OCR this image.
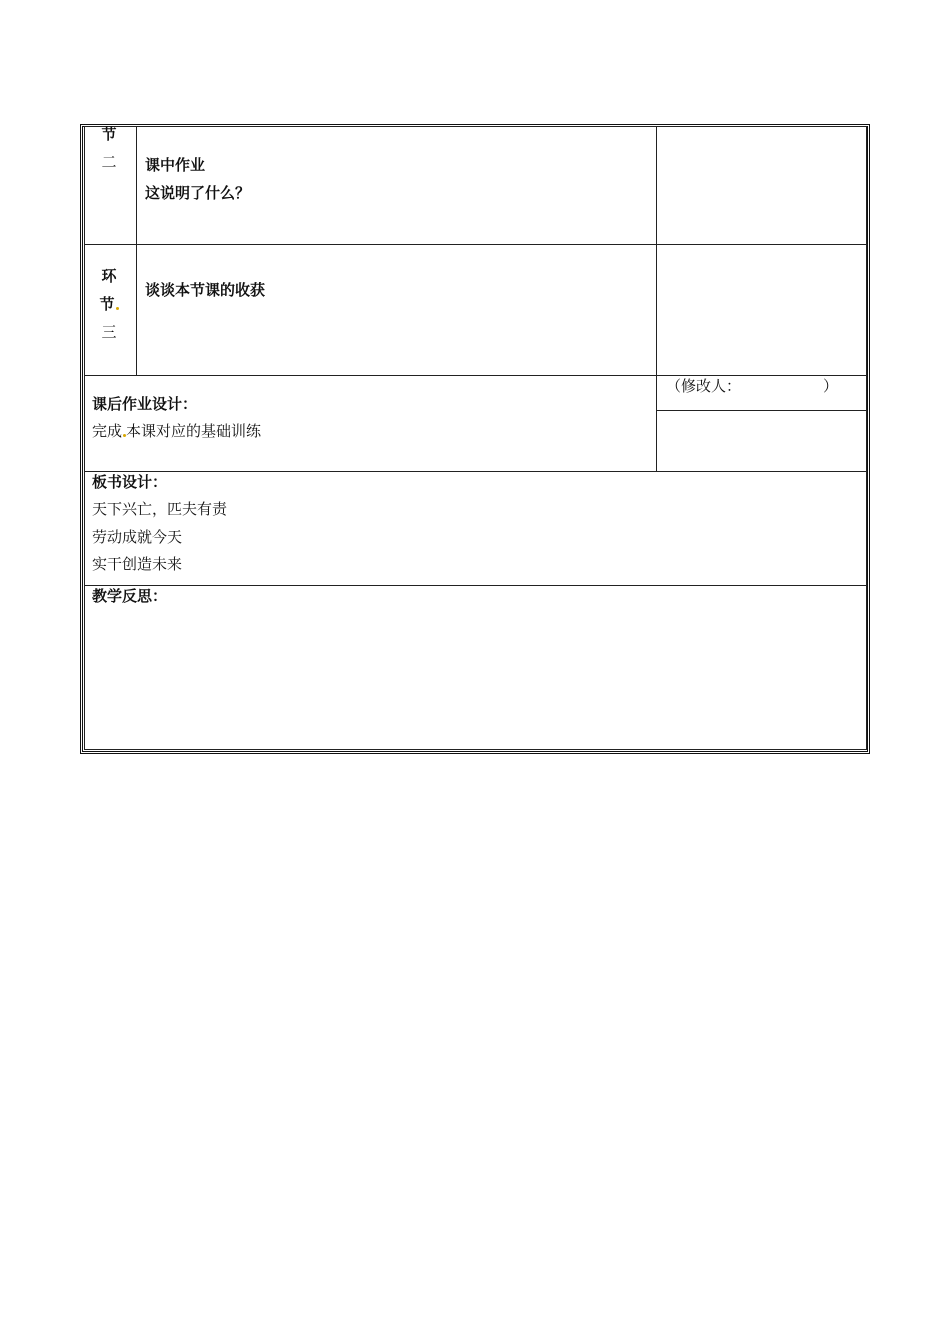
节
二 课中作业
这说明了什么？
环
节
三
谈谈本节课的收获
课后作业设计：
完成 本课对应的基础训练
（修改人：	）
板书设计：
天下兴亡，匹夫有责
劳动成就今天
实干创造未来
教学反思：
